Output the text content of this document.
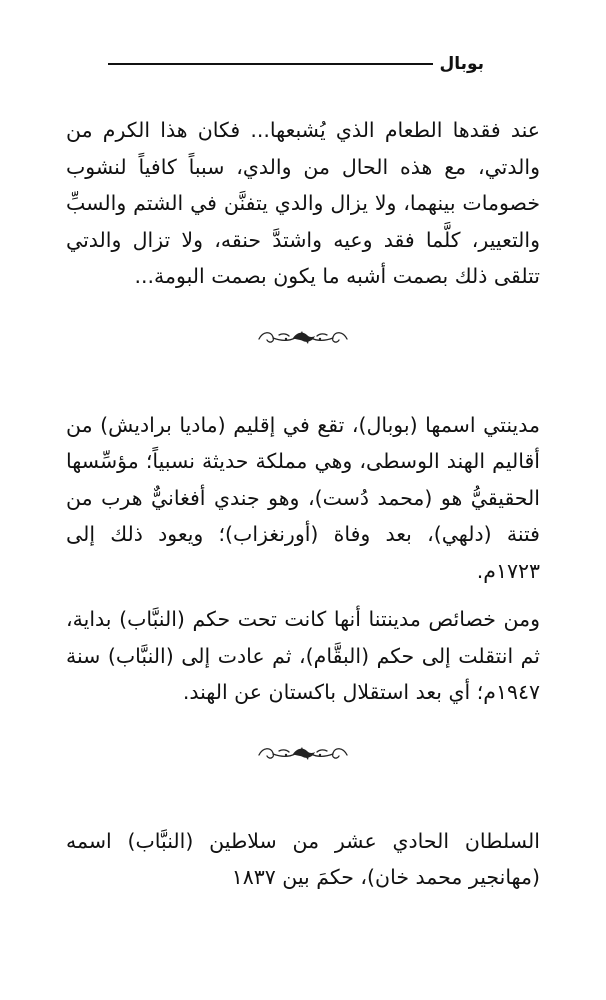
بوبال

عند فقدها الطعام الذي يُشبعها... فكان هذا الكرم من والدتي، مع هذه الحال من والدي، سبباً كافياً لنشوب خصومات بينهما، ولا يزال والدي يتفنَّن في الشتم والسبِّ والتعيير، كلَّما فقد وعيه واشتدَّ حنقه، ولا تزال والدتي تتلقى ذلك بصمت أشبه ما يكون بصمت البومة...

مدينتي اسمها (بوبال)، تقع في إقليم (ماديا براديش) من أقاليم الهند الوسطى، وهي مملكة حديثة نسبياً؛ مؤسِّسها الحقيقيُّ هو (محمد دُست)، وهو جندي أفغانيٌّ هرب من فتنة (دلهي)، بعد وفاة (أورنغزاب)؛ ويعود ذلك إلى ١٧٢٣م.

ومن خصائص مدينتنا أنها كانت تحت حكم (النبَّاب) بداية، ثم انتقلت إلى حكم (البقَّام)، ثم عادت إلى (النبَّاب) سنة ١٩٤٧م؛ أي بعد استقلال باكستان عن الهند.

السلطان الحادي عشر من سلاطين (النبَّاب) اسمه (مهانجير محمد خان)، حكمَ بين ١٨٣٧
